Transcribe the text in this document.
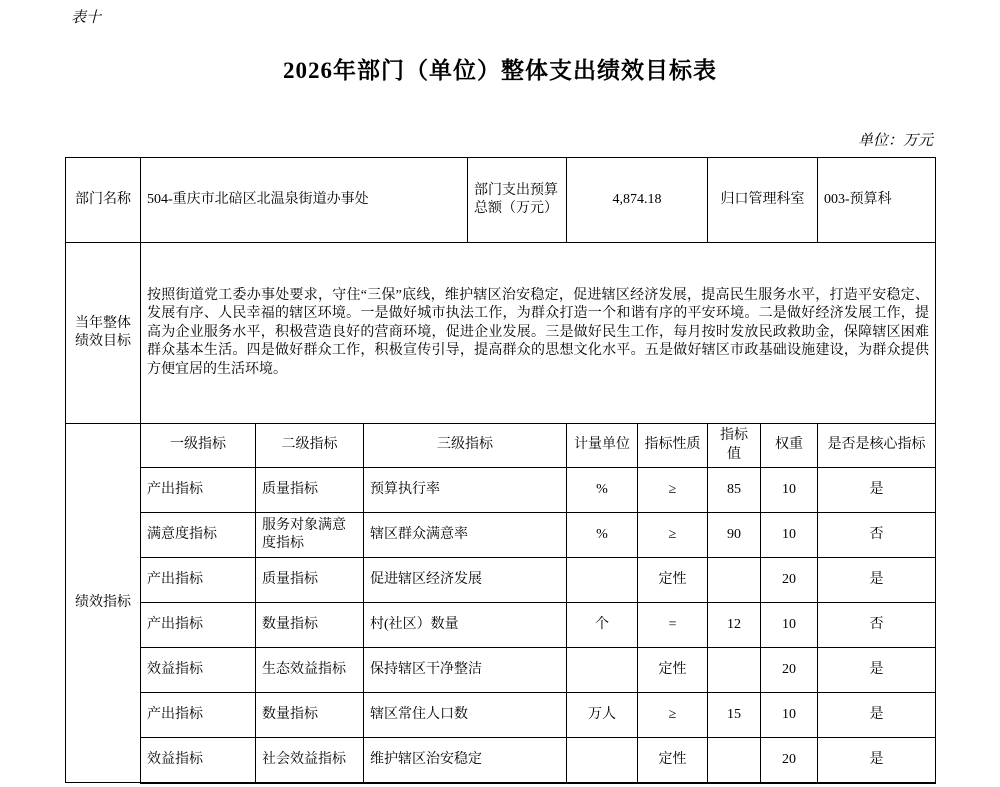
表十
2026年部门（单位）整体支出绩效目标表
单位：万元
部门名称	504-重庆市北碚区北温泉街道办事处			部门支出预算总额（万元）	4,874.18		归口管理科室		003-预算科
当年整体绩效目标	按照街道党工委办事处要求，守住“三保”底线，维护辖区治安稳定，促进辖区经济发展，提高民生服务水平，打造平安稳定、发展有序、人民幸福的辖区环境。一是做好城市执法工作，为群众打造一个和谐有序的平安环境。二是做好经济发展工作，提高为企业服务水平，积极营造良好的营商环境，促进企业发展。三是做好民生工作，每月按时发放民政救助金，保障辖区困难群众基本生活。四是做好群众工作，积极宣传引导，提高群众的思想文化水平。五是做好辖区市政基础设施建设，为群众提供方便宜居的生活环境。								
绩效指标	一级指标	二级指标	三级指标		计量单位	指标性质	指标值	权重	是否是核心指标
	产出指标	质量指标	预算执行率		%	≥	85	10	是
	满意度指标	服务对象满意度指标	辖区群众满意率		%	≥	90	10	否
	产出指标	质量指标	促进辖区经济发展			定性		20	是
	产出指标	数量指标	村(社区）数量		个	=	12	10	否
	效益指标	生态效益指标	保持辖区干净整洁			定性		20	是
	产出指标	数量指标	辖区常住人口数		万人	≥	15	10	是
	效益指标	社会效益指标	维护辖区治安稳定			定性		20	是
